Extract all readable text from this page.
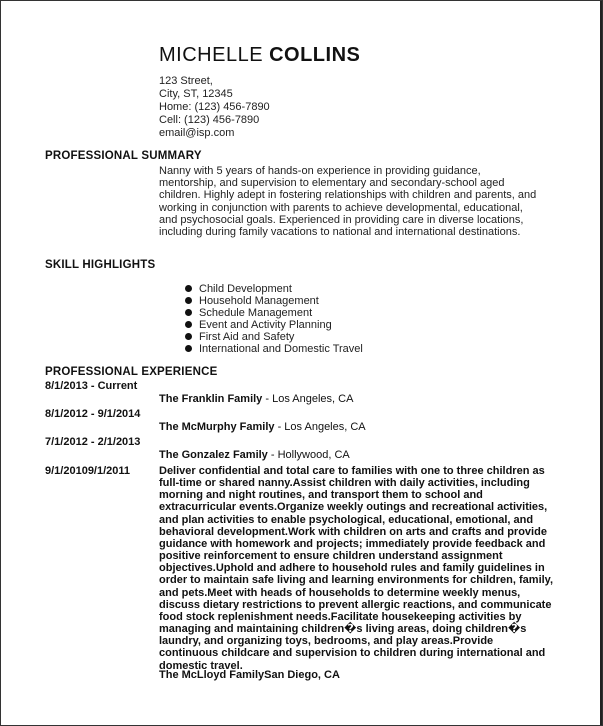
MICHELLE COLLINS
123 Street,
City, ST, 12345
Home: (123) 456-7890
Cell: (123) 456-7890
email@isp.com
PROFESSIONAL SUMMARY
Nanny with 5 years of hands-on experience in providing guidance, mentorship, and supervision to elementary and secondary-school aged children. Highly adept in fostering relationships with children and parents, and working in conjunction with parents to achieve developmental, educational, and psychosocial goals. Experienced in providing care in diverse locations, including during family vacations to national and international destinations.
SKILL HIGHLIGHTS
Child Development
Household Management
Schedule Management
Event and Activity Planning
First Aid and Safety
International and Domestic Travel
PROFESSIONAL EXPERIENCE
8/1/2013 - Current
The Franklin Family - Los Angeles, CA
8/1/2012 - 9/1/2014
The McMurphy Family - Los Angeles, CA
7/1/2012 - 2/1/2013
The Gonzalez Family - Hollywood, CA
9/1/20109/1/2011	Deliver confidential and total care to families with one to three children as full-time or shared nanny.Assist children with daily activities, including morning and night routines, and transport them to school and extracurricular events.Organize weekly outings and recreational activities, and plan activities to enable psychological, educational, emotional, and behavioral development.Work with children on arts and crafts and provide guidance with homework and projects; immediately provide feedback and positive reinforcement to ensure children understand assignment objectives.Uphold and adhere to household rules and family guidelines in order to maintain safe living and learning environments for children, family, and pets.Meet with heads of households to determine weekly menus, discuss dietary restrictions to prevent allergic reactions, and communicate food stock replenishment needs.Facilitate housekeeping activities by managing and maintaining children�s living areas, doing children�s laundry, and organizing toys, bedrooms, and play areas.Provide continuous childcare and supervision to children during international and domestic travel.
The McLloyd FamilySan Diego, CA
